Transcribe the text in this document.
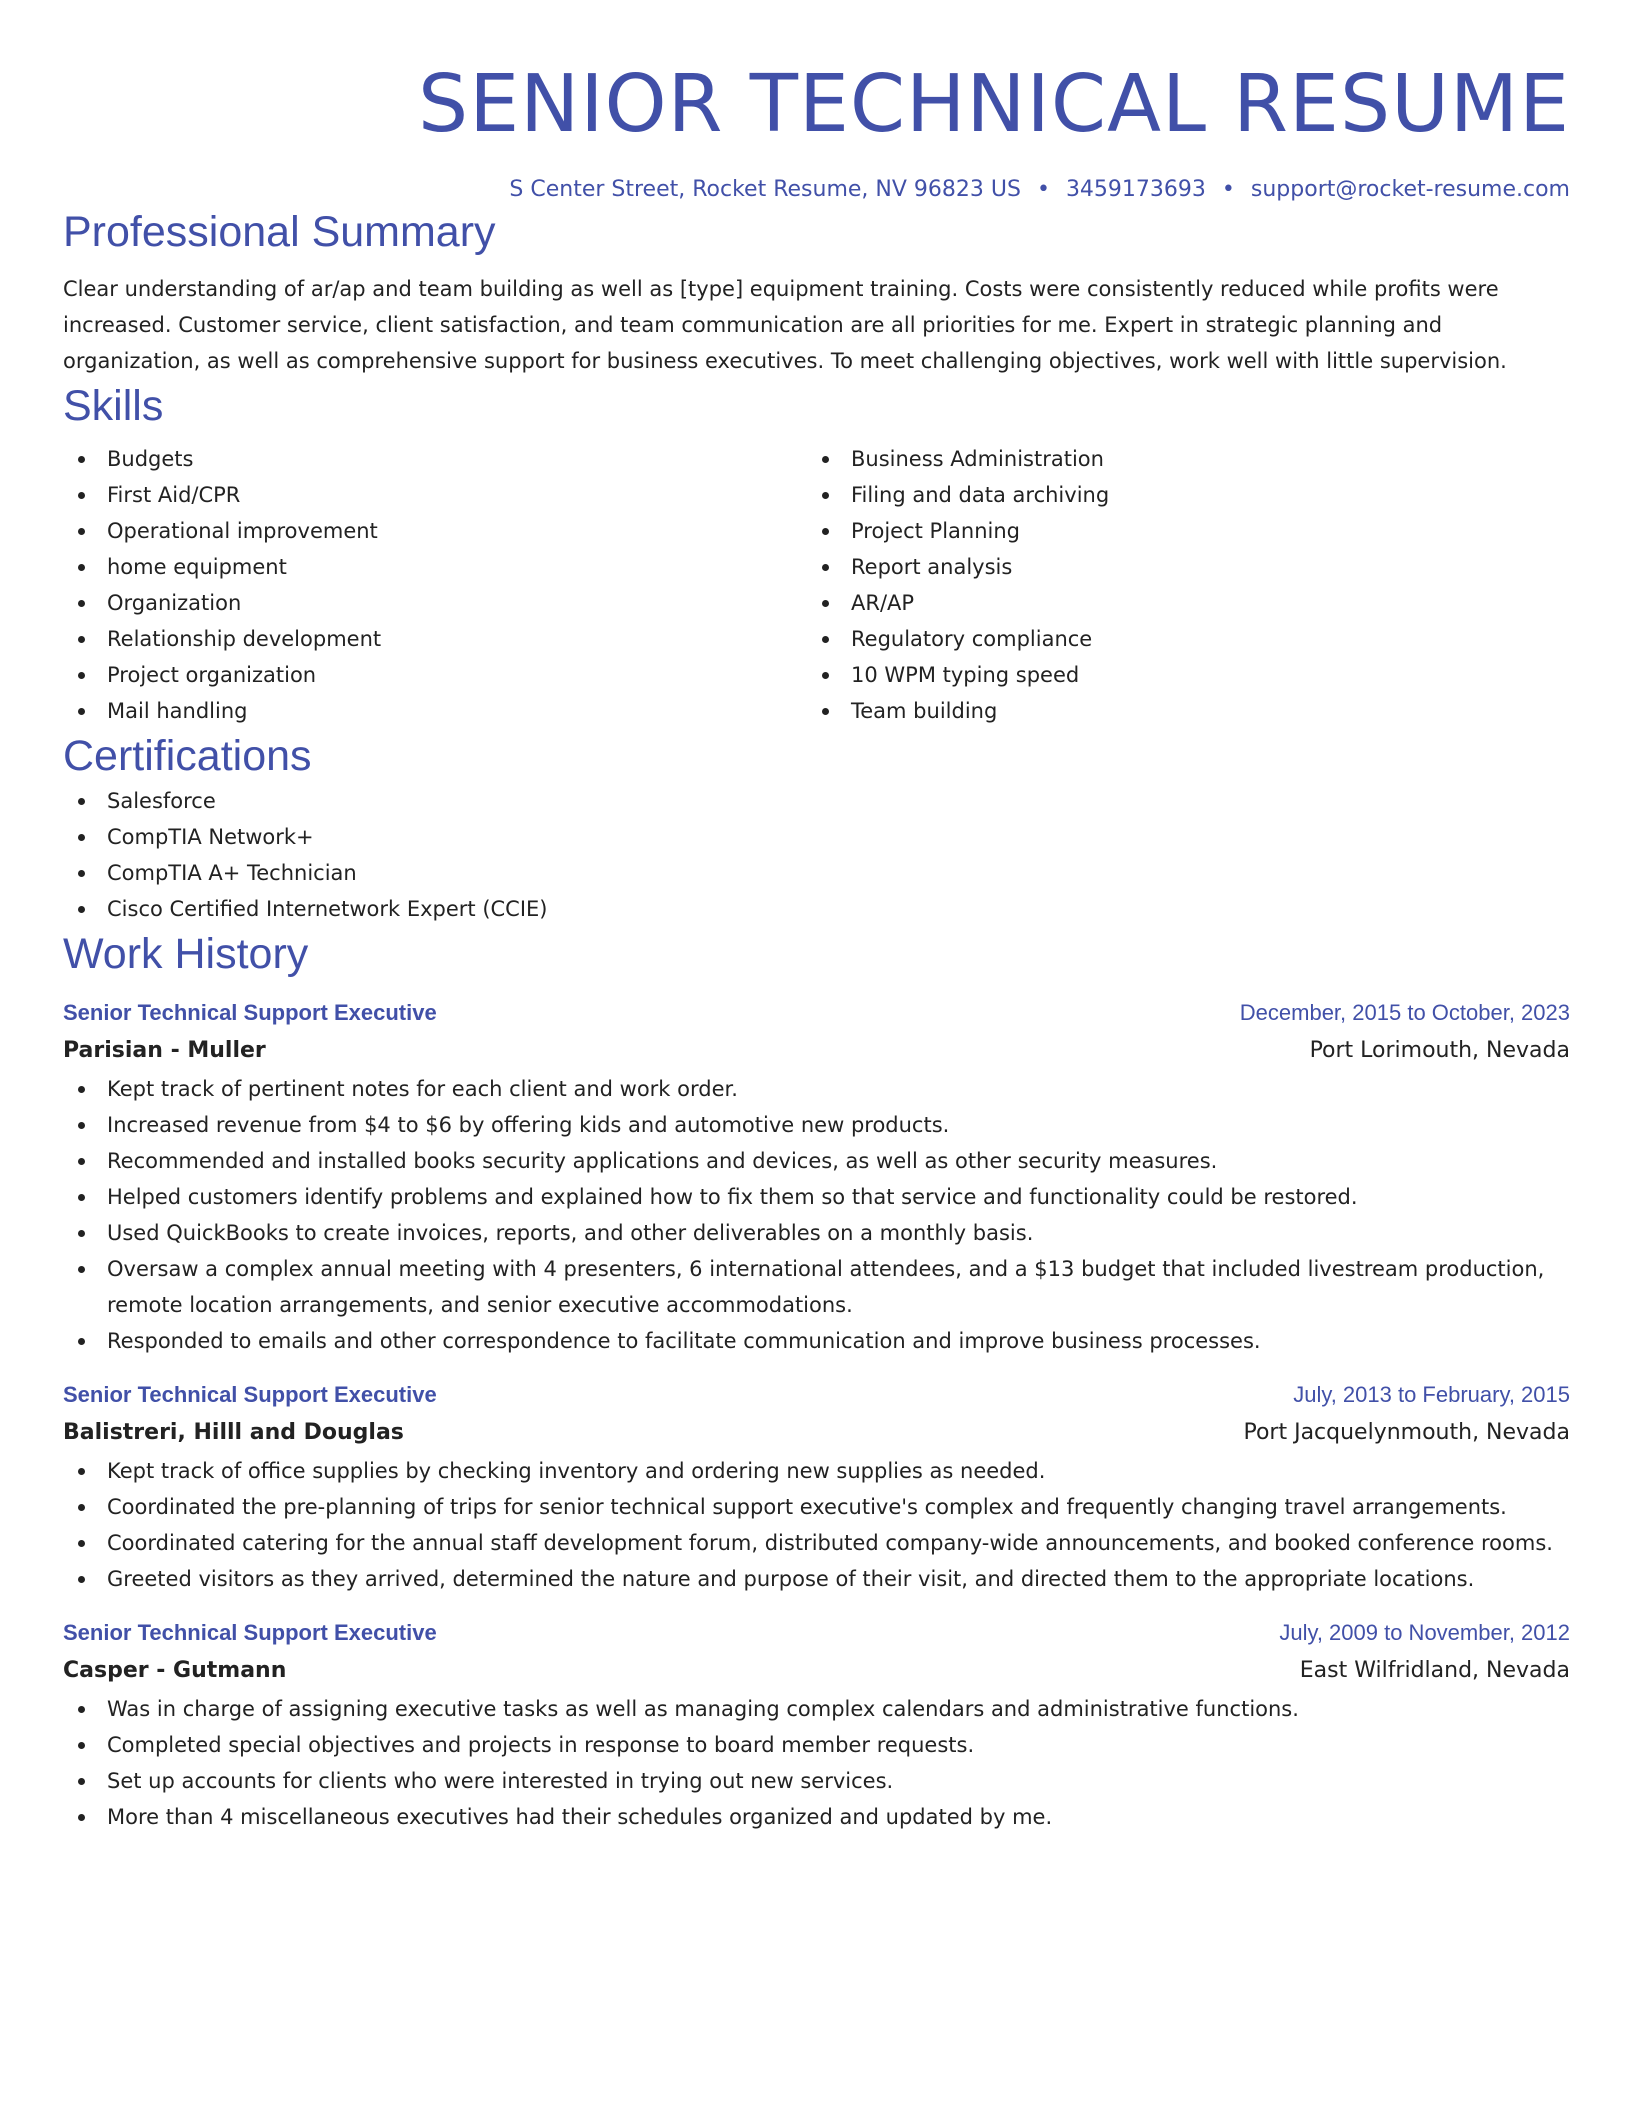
SENIOR TECHNICAL RESUME
S Center Street, Rocket Resume, NV 96823 US • 3459173693 • support@rocket-resume.com
Professional Summary
Clear understanding of ar/ap and team building as well as [type] equipment training. Costs were consistently reduced while profits were increased. Customer service, client satisfaction, and team communication are all priorities for me. Expert in strategic planning and organization, as well as comprehensive support for business executives. To meet challenging objectives, work well with little supervision.
Skills
Budgets
First Aid/CPR
Operational improvement
home equipment
Organization
Relationship development
Project organization
Mail handling
Business Administration
Filing and data archiving
Project Planning
Report analysis
AR/AP
Regulatory compliance
10 WPM typing speed
Team building
Certifications
Salesforce
CompTIA Network+
CompTIA A+ Technician
Cisco Certified Internetwork Expert (CCIE)
Work History
Senior Technical Support Executive	December, 2015 to October, 2023
Parisian - Muller	Port Lorimouth, Nevada
Kept track of pertinent notes for each client and work order.
Increased revenue from $4 to $6 by offering kids and automotive new products.
Recommended and installed books security applications and devices, as well as other security measures.
Helped customers identify problems and explained how to fix them so that service and functionality could be restored.
Used QuickBooks to create invoices, reports, and other deliverables on a monthly basis.
Oversaw a complex annual meeting with 4 presenters, 6 international attendees, and a $13 budget that included livestream production, remote location arrangements, and senior executive accommodations.
Responded to emails and other correspondence to facilitate communication and improve business processes.
Senior Technical Support Executive	July, 2013 to February, 2015
Balistreri, Hilll and Douglas	Port Jacquelynmouth, Nevada
Kept track of office supplies by checking inventory and ordering new supplies as needed.
Coordinated the pre-planning of trips for senior technical support executive's complex and frequently changing travel arrangements.
Coordinated catering for the annual staff development forum, distributed company-wide announcements, and booked conference rooms.
Greeted visitors as they arrived, determined the nature and purpose of their visit, and directed them to the appropriate locations.
Senior Technical Support Executive	July, 2009 to November, 2012
Casper - Gutmann	East Wilfridland, Nevada
Was in charge of assigning executive tasks as well as managing complex calendars and administrative functions.
Completed special objectives and projects in response to board member requests.
Set up accounts for clients who were interested in trying out new services.
More than 4 miscellaneous executives had their schedules organized and updated by me.
